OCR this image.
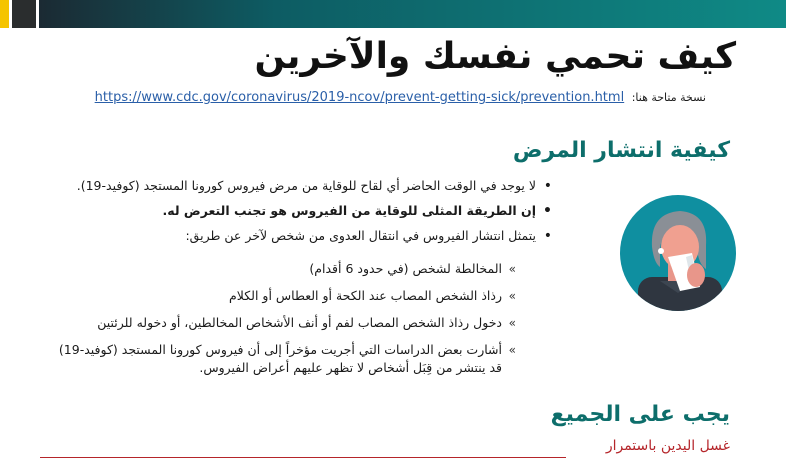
كيف تحمي نفسك والآخرين
نسخة متاحة هنا: https://www.cdc.gov/coronavirus/2019-ncov/prevent-getting-sick/prevention.html
كيفية انتشار المرض
• لا يوجد في الوقت الحاضر أي لقاح للوقاية من مرض فيروس كورونا المستجد (كوفيد-19).
• إن الطريقة المثلى للوقاية من الفيروس هو تجنب التعرض له.
• يتمثل انتشار الفيروس في انتقال العدوى من شخص لآخر عن طريق:
»
المخالطة لشخص (في حدود 6 أقدام)
»
رذاذ الشخص المصاب عند الكحة أو العطاس أو الكلام
»
دخول رذاذ الشخص المصاب لفم أو أنف الأشخاص المخالطين، أو دخوله للرئتين
»
أشارت بعض الدراسات التي أجريت مؤخراً إلى أن فيروس كورونا المستجد (كوفيد-19) قد ينتشر من قِبَل أشخاص لا تظهر عليهم أعراض الفيروس.
يجب على الجميع
غسل اليدين باستمرار
